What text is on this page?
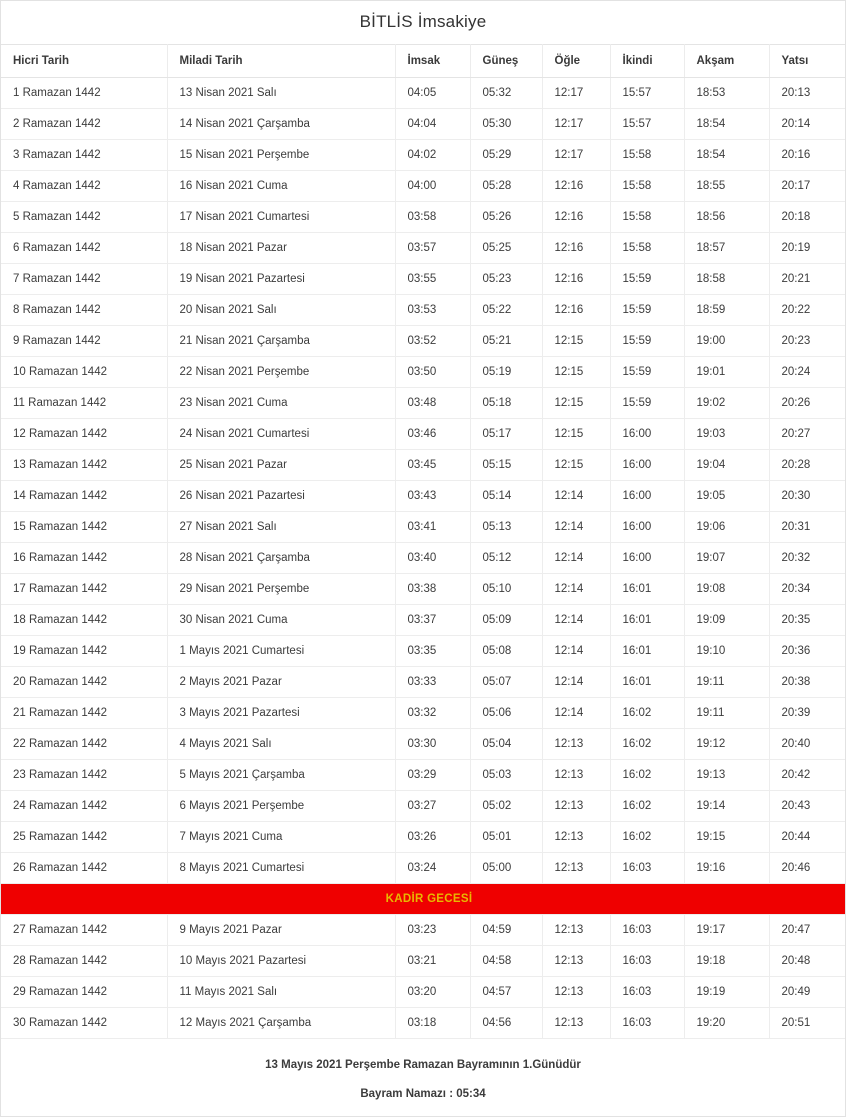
BİTLİS İmsakiye
Hicri Tarih	Miladi Tarih	İmsak	Güneş	Öğle	İkindi	Akşam	Yatsı
1 Ramazan 1442	13 Nisan 2021 Salı	04:05	05:32	12:17	15:57	18:53	20:13
2 Ramazan 1442	14 Nisan 2021 Çarşamba	04:04	05:30	12:17	15:57	18:54	20:14
3 Ramazan 1442	15 Nisan 2021 Perşembe	04:02	05:29	12:17	15:58	18:54	20:16
4 Ramazan 1442	16 Nisan 2021 Cuma	04:00	05:28	12:16	15:58	18:55	20:17
5 Ramazan 1442	17 Nisan 2021 Cumartesi	03:58	05:26	12:16	15:58	18:56	20:18
6 Ramazan 1442	18 Nisan 2021 Pazar	03:57	05:25	12:16	15:58	18:57	20:19
7 Ramazan 1442	19 Nisan 2021 Pazartesi	03:55	05:23	12:16	15:59	18:58	20:21
8 Ramazan 1442	20 Nisan 2021 Salı	03:53	05:22	12:16	15:59	18:59	20:22
9 Ramazan 1442	21 Nisan 2021 Çarşamba	03:52	05:21	12:15	15:59	19:00	20:23
10 Ramazan 1442	22 Nisan 2021 Perşembe	03:50	05:19	12:15	15:59	19:01	20:24
11 Ramazan 1442	23 Nisan 2021 Cuma	03:48	05:18	12:15	15:59	19:02	20:26
12 Ramazan 1442	24 Nisan 2021 Cumartesi	03:46	05:17	12:15	16:00	19:03	20:27
13 Ramazan 1442	25 Nisan 2021 Pazar	03:45	05:15	12:15	16:00	19:04	20:28
14 Ramazan 1442	26 Nisan 2021 Pazartesi	03:43	05:14	12:14	16:00	19:05	20:30
15 Ramazan 1442	27 Nisan 2021 Salı	03:41	05:13	12:14	16:00	19:06	20:31
16 Ramazan 1442	28 Nisan 2021 Çarşamba	03:40	05:12	12:14	16:00	19:07	20:32
17 Ramazan 1442	29 Nisan 2021 Perşembe	03:38	05:10	12:14	16:01	19:08	20:34
18 Ramazan 1442	30 Nisan 2021 Cuma	03:37	05:09	12:14	16:01	19:09	20:35
19 Ramazan 1442	1 Mayıs 2021 Cumartesi	03:35	05:08	12:14	16:01	19:10	20:36
20 Ramazan 1442	2 Mayıs 2021 Pazar	03:33	05:07	12:14	16:01	19:11	20:38
21 Ramazan 1442	3 Mayıs 2021 Pazartesi	03:32	05:06	12:14	16:02	19:11	20:39
22 Ramazan 1442	4 Mayıs 2021 Salı	03:30	05:04	12:13	16:02	19:12	20:40
23 Ramazan 1442	5 Mayıs 2021 Çarşamba	03:29	05:03	12:13	16:02	19:13	20:42
24 Ramazan 1442	6 Mayıs 2021 Perşembe	03:27	05:02	12:13	16:02	19:14	20:43
25 Ramazan 1442	7 Mayıs 2021 Cuma	03:26	05:01	12:13	16:02	19:15	20:44
26 Ramazan 1442	8 Mayıs 2021 Cumartesi	03:24	05:00	12:13	16:03	19:16	20:46
KADİR GECESİ							
27 Ramazan 1442	9 Mayıs 2021 Pazar	03:23	04:59	12:13	16:03	19:17	20:47
28 Ramazan 1442	10 Mayıs 2021 Pazartesi	03:21	04:58	12:13	16:03	19:18	20:48
29 Ramazan 1442	11 Mayıs 2021 Salı	03:20	04:57	12:13	16:03	19:19	20:49
30 Ramazan 1442	12 Mayıs 2021 Çarşamba	03:18	04:56	12:13	16:03	19:20	20:51
13 Mayıs 2021 Perşembe Ramazan Bayramının 1.Günüdür
Bayram Namazı : 05:34
